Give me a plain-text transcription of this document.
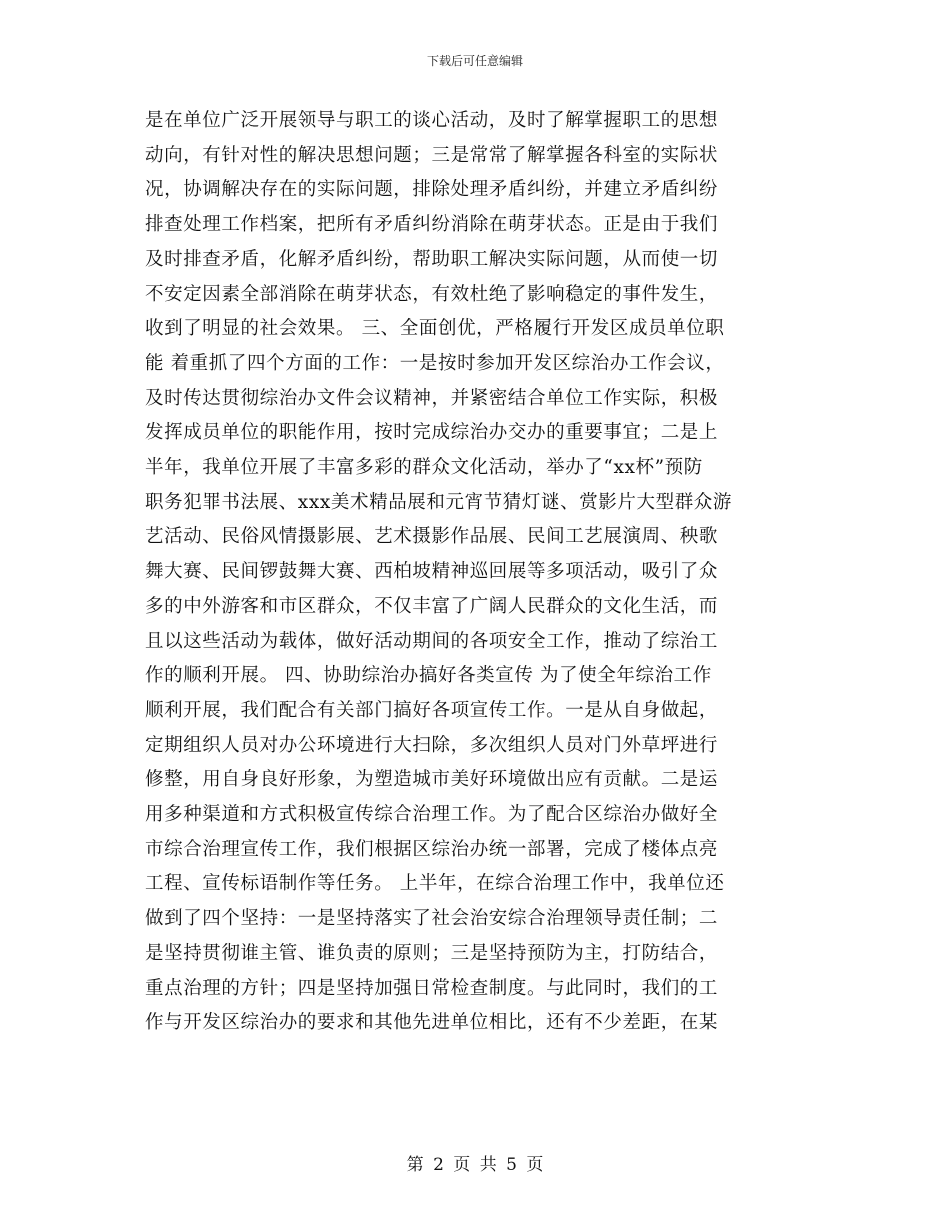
下载后可任意编辑
是在单位广泛开展领导与职工的谈心活动，及时了解掌握职工的思想
动向，有针对性的解决思想问题；三是常常了解掌握各科室的实际状
况，协调解决存在的实际问题，排除处理矛盾纠纷，并建立矛盾纠纷
排查处理工作档案，把所有矛盾纠纷消除在萌芽状态。正是由于我们
及时排查矛盾，化解矛盾纠纷，帮助职工解决实际问题，从而使一切
不安定因素全部消除在萌芽状态，有效杜绝了影响稳定的事件发生，
收到了明显的社会效果。 三、全面创优，严格履行开发区成员单位职
能 着重抓了四个方面的工作：一是按时参加开发区综治办工作会议，
及时传达贯彻综治办文件会议精神，并紧密结合单位工作实际，积极
发挥成员单位的职能作用，按时完成综治办交办的重要事宜；二是上
半年，我单位开展了丰富多彩的群众文化活动，举办了“xx杯”预防
职务犯罪书法展、xxx美术精品展和元宵节猜灯谜、赏影片大型群众游
艺活动、民俗风情摄影展、艺术摄影作品展、民间工艺展演周、秧歌
舞大赛、民间锣鼓舞大赛、西柏坡精神巡回展等多项活动，吸引了众
多的中外游客和市区群众，不仅丰富了广阔人民群众的文化生活，而
且以这些活动为载体，做好活动期间的各项安全工作，推动了综治工
作的顺利开展。 四、协助综治办搞好各类宣传 为了使全年综治工作
顺利开展，我们配合有关部门搞好各项宣传工作。一是从自身做起，
定期组织人员对办公环境进行大扫除，多次组织人员对门外草坪进行
修整，用自身良好形象，为塑造城市美好环境做出应有贡献。二是运
用多种渠道和方式积极宣传综合治理工作。为了配合区综治办做好全
市综合治理宣传工作，我们根据区综治办统一部署，完成了楼体点亮
工程、宣传标语制作等任务。 上半年，在综合治理工作中，我单位还
做到了四个坚持：一是坚持落实了社会治安综合治理领导责任制；二
是坚持贯彻谁主管、谁负责的原则；三是坚持预防为主，打防结合，
重点治理的方针；四是坚持加强日常检查制度。与此同时，我们的工
作与开发区综治办的要求和其他先进单位相比，还有不少差距，在某
第 2 页 共 5 页
